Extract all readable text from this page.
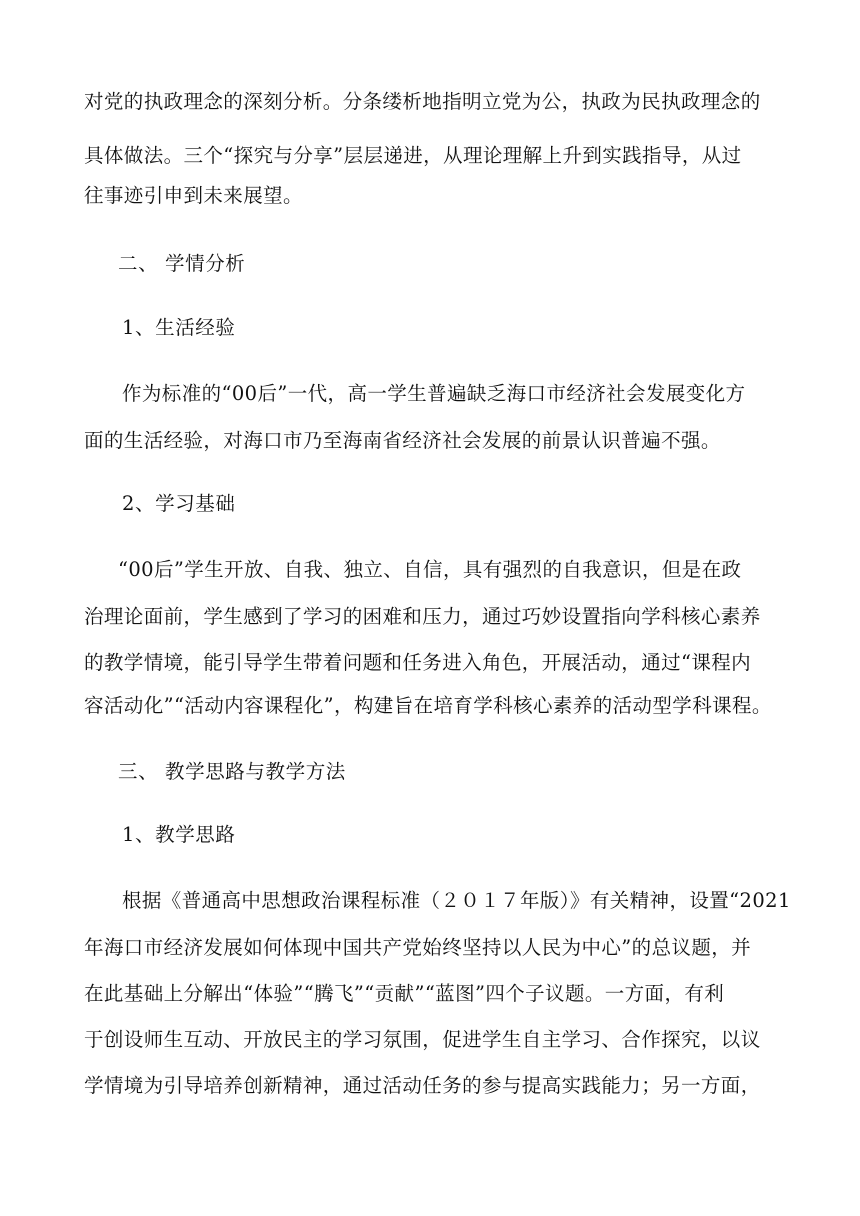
对党的执政理念的深刻分析。分条缕析地指明立党为公，执政为民执政理念的
具体做法。三个“探究与分享”层层递进，从理论理解上升到实践指导，从过
往事迹引申到未来展望。
二、 学情分析
1、生活经验
作为标准的“00后”一代，高一学生普遍缺乏海口市经济社会发展变化方
面的生活经验，对海口市乃至海南省经济社会发展的前景认识普遍不强。
2、学习基础
“00后”学生开放、自我、独立、自信，具有强烈的自我意识，但是在政
治理论面前，学生感到了学习的困难和压力，通过巧妙设置指向学科核心素养
的教学情境，能引导学生带着问题和任务进入角色，开展活动，通过“课程内
容活动化”“活动内容课程化”，构建旨在培育学科核心素养的活动型学科课程。
三、 教学思路与教学方法
1、教学思路
根据《普通高中思想政治课程标准（２０１７年版）》有关精神，设置“2021
年海口市经济发展如何体现中国共产党始终坚持以人民为中心”的总议题，并
在此基础上分解出“体验”“腾飞”“贡献”“蓝图”四个子议题。一方面，有利
于创设师生互动、开放民主的学习氛围，促进学生自主学习、合作探究，以议
学情境为引导培养创新精神，通过活动任务的参与提高实践能力；另一方面，
